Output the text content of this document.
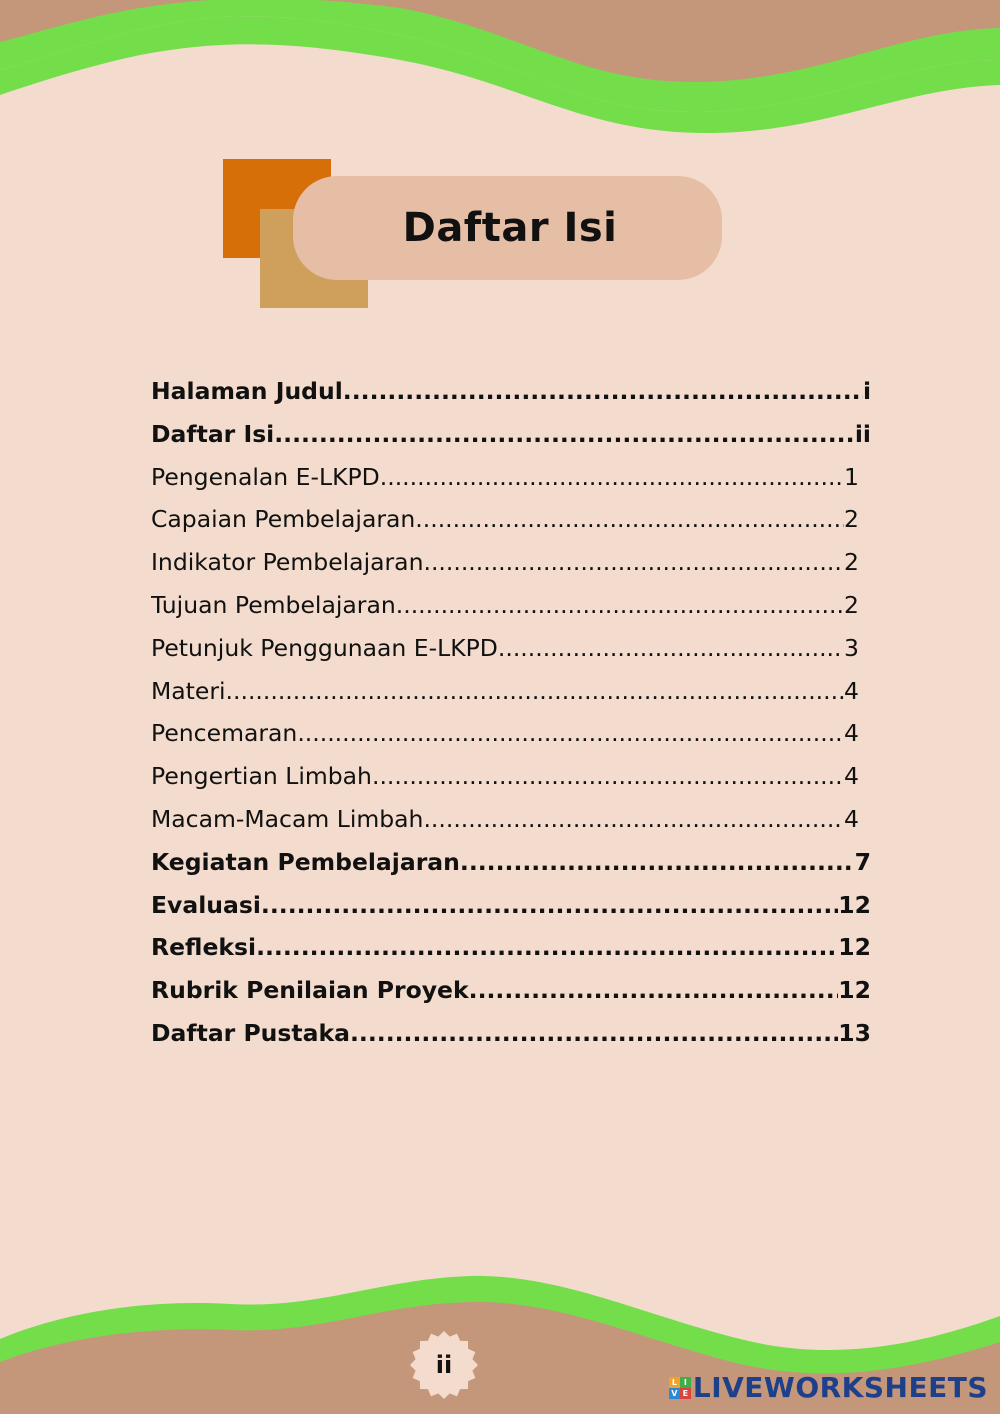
Daftar Isi
Halaman Judul .....	i
Daftar Isi .....	ii
Pengenalan E-LKPD .....	1
Capaian Pembelajaran .....	2
Indikator Pembelajaran .....	2
Tujuan Pembelajaran .....	2
Petunjuk Penggunaan E-LKPD .....	3
Materi .....	4
Pencemaran .....	4
Pengertian Limbah .....	4
Macam-Macam Limbah .....	4
Kegiatan Pembelajaran .....	7
Evaluasi .....	12
Refleksi .....	12
Rubrik Penilaian Proyek .....	12
Daftar Pustaka .....	13
ii
L I
V E LIVEWORKSHEETS
